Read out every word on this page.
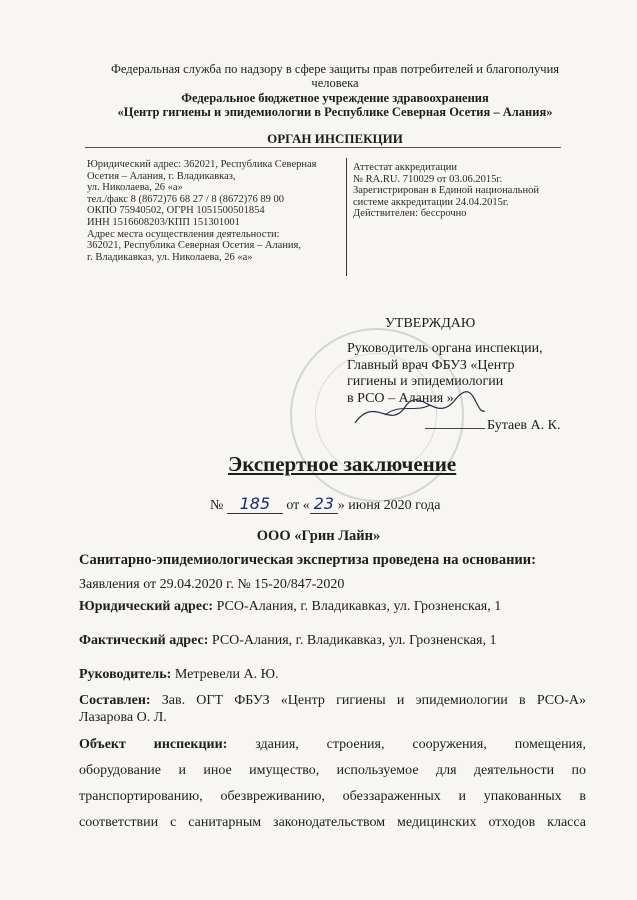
Федеральная служба по надзору в сфере защиты прав потребителей и благополучия
человека
Федеральное бюджетное учреждение здравоохранения
«Центр гигиены и эпидемиологии в Республике Северная Осетия – Алания»
ОРГАН ИНСПЕКЦИИ
Юридический адрес: 362021, Республика Северная
Осетия – Алания, г. Владикавказ,
ул. Николаева, 26 «а»
тел./факс 8 (8672)76 68 27 / 8 (8672)76 89 00
ОКПО 75940502, ОГРН 1051500501854
ИНН 1516608203/КПП 151301001
Адрес места осуществления деятельности:
362021, Республика Северная Осетия – Алания,
г. Владикавказ, ул. Николаева, 26 «а»
Аттестат аккредитации
№ RA.RU. 710029 от 03.06.2015г.
Зарегистрирован в Единой национальной
системе аккредитации 24.04.2015г.
Действителен: бессрочно
УТВЕРЖДАЮ
Руководитель органа инспекции,
Главный врач ФБУЗ «Центр
гигиены и эпидемиологии
в РСО – Алания »
Бутаев А. К.
Экспертное заключение
№ 185 от « 23 » июня 2020 года
ООО «Грин Лайн»
Санитарно-эпидемиологическая экспертиза проведена на основании:
Заявления от 29.04.2020 г. № 15-20/847-2020
Юридический адрес: РСО-Алания, г. Владикавказ, ул. Грозненская, 1
Фактический адрес: РСО-Алания, г. Владикавказ, ул. Грозненская, 1
Руководитель: Метревели А. Ю.
Составлен: Зав. ОГТ ФБУЗ «Центр гигиены и эпидемиологии в РСО-А»
Лазарова О. Л.
Объект инспекции: здания, строения, сооружения, помещения,
оборудование и иное имущество, используемое для деятельности по
транспортированию, обезвреживанию, обеззараженных и упакованных в
соответствии с санитарным законодательством медицинских отходов класса
